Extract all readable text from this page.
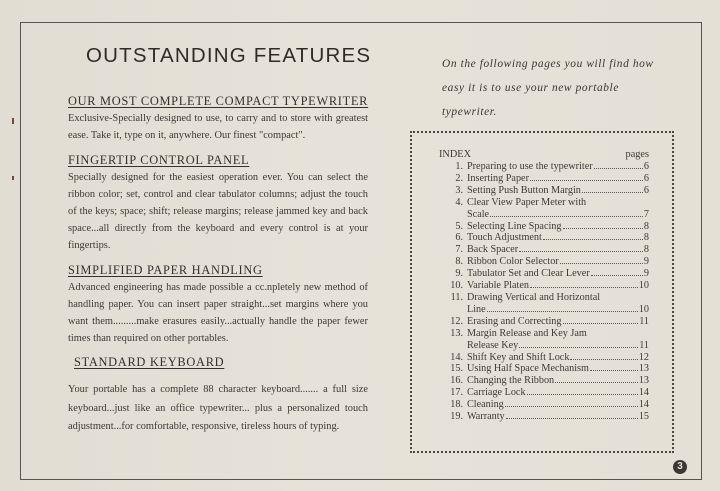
OUTSTANDING FEATURES
OUR MOST COMPLETE COMPACT TYPEWRITER
Exclusive-Specially designed to use, to carry and to store with greatest ease. Take it, type on it, anywhere. Our finest "compact".
FINGERTIP CONTROL PANEL
Specially designed for the easiest operation ever. You can select the ribbon color; set, control and clear tabulator columns; adjust the touch of the keys; space; shift; release margins; release jammed key and back space...all directly from the keyboard and every control is at your fingertips.
SIMPLIFIED PAPER HANDLING
Advanced engineering has made possible a cc.npletely new method of handling paper. You can insert paper straight...set margins where you want them.........make erasures easily...actually handle the paper fewer times than required on other portables.
STANDARD KEYBOARD
Your portable has a complete 88 character keyboard....... a full size keyboard...just like an office typewriter... plus a personalized touch adjustment...for comfortable, responsive, tireless hours of typing.
On the following pages you will find how easy it is to use your new portable typewriter.
INDEX	pages
1. Preparing to use the typewriter	6
2. Inserting Paper	6
3. Setting Push Button Margin	6
4. Clear View Paper Meter with
Scale	7
5. Selecting Line Spacing	8
6. Touch Adjustment	8
7. Back Spacer	8
8. Ribbon Color Selector	9
9. Tabulator Set and Clear Lever	9
10. Variable Platen	10
11. Drawing Vertical and Horizontal
Line	10
12. Erasing and Correcting	11
13. Margin Release and Key Jam
Release Key	11
14. Shift Key and Shift Lock	12
15. Using Half Space Mechanism	13
16. Changing the Ribbon	13
17. Carriage Lock	14
18. Cleaning	14
19. Warranty	15
3
